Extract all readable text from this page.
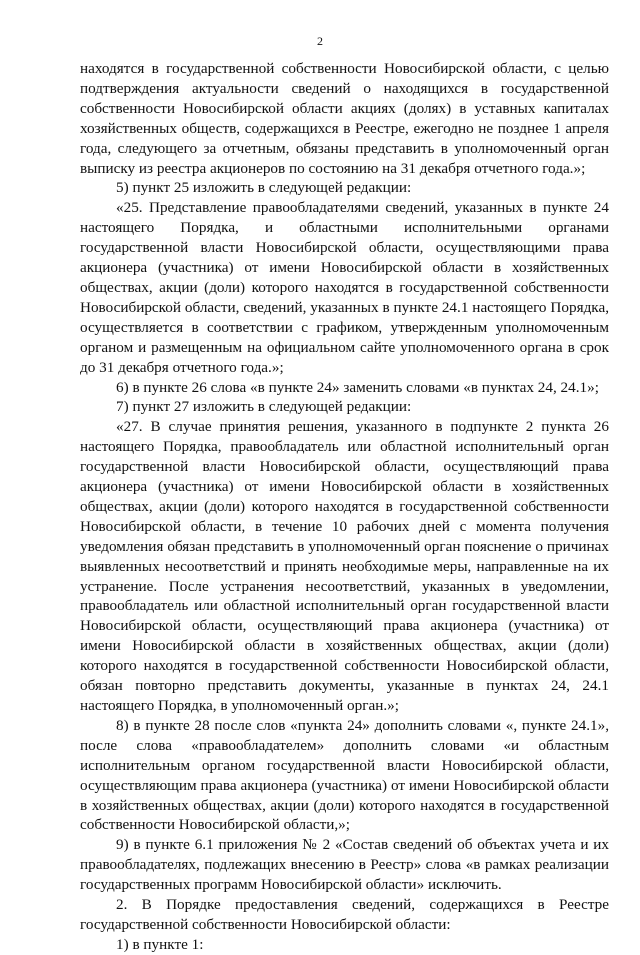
2

находятся в государственной собственности Новосибирской области, с целью подтверждения актуальности сведений о находящихся в государственной собственности Новосибирской области акциях (долях) в уставных капиталах хозяйственных обществ, содержащихся в Реестре, ежегодно не позднее 1 апреля года, следующего за отчетным, обязаны представить в уполномоченный орган выписку из реестра акционеров по состоянию на 31 декабря отчетного года.»;

5) пункт 25 изложить в следующей редакции:

«25. Представление правообладателями сведений, указанных в пункте 24 настоящего Порядка, и областными исполнительными органами государственной власти Новосибирской области, осуществляющими права акционера (участника) от имени Новосибирской области в хозяйственных обществах, акции (доли) которого находятся в государственной собственности Новосибирской области, сведений, указанных в пункте 24.1 настоящего Порядка, осуществляется в соответствии с графиком, утвержденным уполномоченным органом и размещенным на официальном сайте уполномоченного органа в срок до 31 декабря отчетного года.»;

6) в пункте 26 слова «в пункте 24» заменить словами «в пунктах 24, 24.1»;

7) пункт 27 изложить в следующей редакции:

«27. В случае принятия решения, указанного в подпункте 2 пункта 26 настоящего Порядка, правообладатель или областной исполнительный орган государственной власти Новосибирской области, осуществляющий права акционера (участника) от имени Новосибирской области в хозяйственных обществах, акции (доли) которого находятся в государственной собственности Новосибирской области, в течение 10 рабочих дней с момента получения уведомления обязан представить в уполномоченный орган пояснение о причинах выявленных несоответствий и принять необходимые меры, направленные на их устранение. После устранения несоответствий, указанных в уведомлении, правообладатель или областной исполнительный орган государственной власти Новосибирской области, осуществляющий права акционера (участника) от имени Новосибирской области в хозяйственных обществах, акции (доли) которого находятся в государственной собственности Новосибирской области, обязан повторно представить документы, указанные в пунктах 24, 24.1 настоящего Порядка, в уполномоченный орган.»;

8) в пункте 28 после слов «пункта 24» дополнить словами «, пункте 24.1», после слова «правообладателем» дополнить словами «и областным исполнительным органом государственной власти Новосибирской области, осуществляющим права акционера (участника) от имени Новосибирской области в хозяйственных обществах, акции (доли) которого находятся в государственной собственности Новосибирской области,»;

9) в пункте 6.1 приложения № 2 «Состав сведений об объектах учета и их правообладателях, подлежащих внесению в Реестр» слова «в рамках реализации государственных программ Новосибирской области» исключить.

2. В Порядке предоставления сведений, содержащихся в Реестре государственной собственности Новосибирской области:

1) в пункте 1:
